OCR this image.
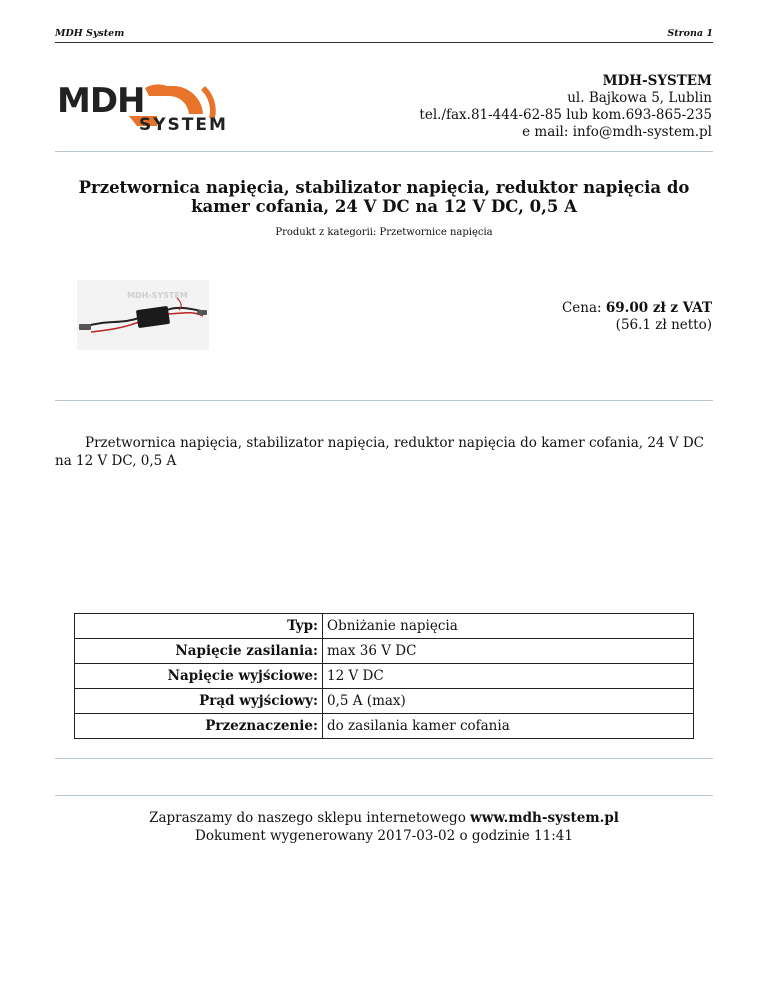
MDH System	Strona 1
MDH
SYSTEM
MDH-SYSTEM
ul. Bajkowa 5, Lublin
tel./fax.81-444-62-85 lub kom.693-865-235
e mail: info@mdh-system.pl
Przetwornica napięcia, stabilizator napięcia, reduktor napięcia do kamer cofania, 24 V DC na 12 V DC, 0,5 A
Produkt z kategorii: Przetwornice napięcia
MDH-SYSTEM
Cena: 69.00 zł z VAT
(56.1 zł netto)
Przetwornica napięcia, stabilizator napięcia, reduktor napięcia do kamer cofania, 24 V DC na 12 V DC, 0,5 A
Typ:	Obniżanie napięcia
Napięcie zasilania:	max 36 V DC
Napięcie wyjściowe:	12 V DC
Prąd wyjściowy:	0,5 A (max)
Przeznaczenie:	do zasilania kamer cofania
Zapraszamy do naszego sklepu internetowego www.mdh-system.pl
Dokument wygenerowany 2017-03-02 o godzinie 11:41
